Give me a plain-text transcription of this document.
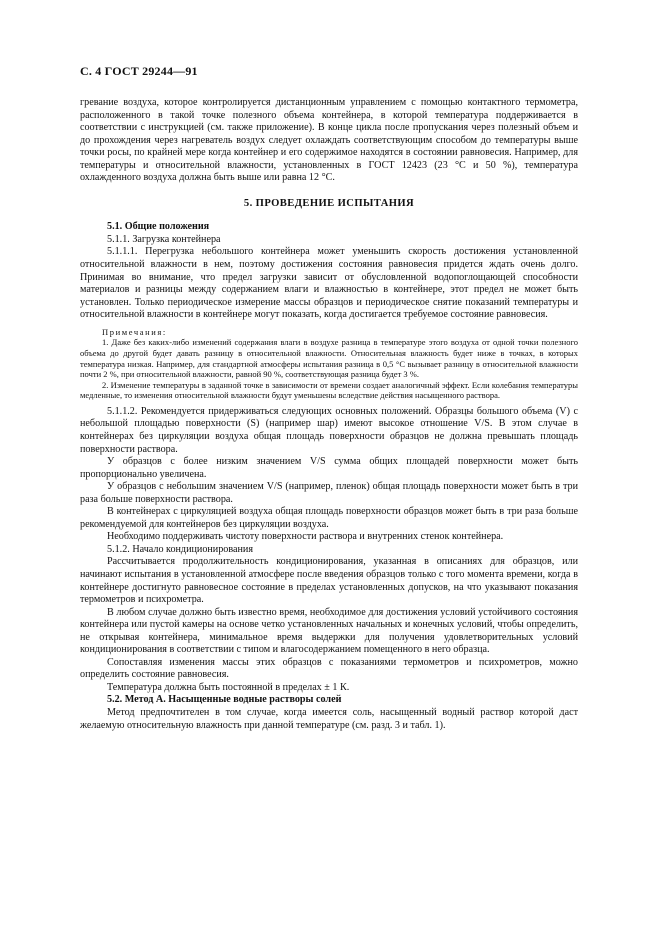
С. 4 ГОСТ 29244—91

гревание воздуха, которое контролируется дистанционным управлением с помощью контактного термометра, расположенного в такой точке полезного объема контейнера, в которой температура поддерживается в соответствии с инструкцией (см. также приложение). В конце цикла после пропускания через полезный объем и до прохождения через нагреватель воздух следует охлаждать соответствующим способом до температуры выше точки росы, по крайней мере когда контейнер и его содержимое находятся в состоянии равновесия. Например, для температуры и относительной влажности, установленных в ГОСТ 12423 (23 °С и 50 %), температура охлажденного воздуха должна быть выше или равна 12 °С.

5. ПРОВЕДЕНИЕ ИСПЫТАНИЯ

5.1. Общие положения

5.1.1. Загрузка контейнера

5.1.1.1. Перегрузка небольшого контейнера может уменьшить скорость достижения установленной относительной влажности в нем, поэтому достижения состояния равновесия придется ждать очень долго. Принимая во внимание, что предел загрузки зависит от обусловленной водопоглощающей способности материалов и разницы между содержанием влаги и влажностью в контейнере, этот предел не может быть установлен. Только периодическое измерение массы образцов и периодическое снятие показаний температуры и относительной влажности в контейнере могут показать, когда достигается требуемое состояние равновесия.

Примечания:

1. Даже без каких-либо изменений содержания влаги в воздухе разница в температуре этого воздуха от одной точки полезного объема до другой будет давать разницу в относительной влажности. Относительная влажность будет ниже в точках, в которых температура низкая. Например, для стандартной атмосферы испытания разница в 0,5 °С вызывает разницу в относительной влажности почти 2 %, при относительной влажности, равной 90 %, соответствующая разница будет 3 %.

2. Изменение температуры в заданной точке в зависимости от времени создает аналогичный эффект. Если колебания температуры медленные, то изменения относительной влажности будут уменьшены вследствие действия насыщенного раствора.

5.1.1.2. Рекомендуется придерживаться следующих основных положений. Образцы большого объема (V) с небольшой площадью поверхности (S) (например шар) имеют высокое отношение V/S. В этом случае в контейнерах без циркуляции воздуха общая площадь поверхности образцов не должна превышать площадь поверхности раствора.

У образцов с более низким значением V/S сумма общих площадей поверхности может быть пропорционально увеличена.

У образцов с небольшим значением V/S (например, пленок) общая площадь поверхности может быть в три раза больше поверхности раствора.

В контейнерах с циркуляцией воздуха общая площадь поверхности образцов может быть в три раза больше рекомендуемой для контейнеров без циркуляции воздуха.

Необходимо поддерживать чистоту поверхности раствора и внутренних стенок контейнера.

5.1.2. Начало кондиционирования

Рассчитывается продолжительность кондиционирования, указанная в описаниях для образцов, или начинают испытания в установленной атмосфере после введения образцов только с того момента времени, когда в контейнере достигнуто равновесное состояние в пределах установленных допусков, на что указывают показания термометров и психрометра.

В любом случае должно быть известно время, необходимое для достижения условий устойчивого состояния контейнера или пустой камеры на основе четко установленных начальных и конечных условий, чтобы определить, не открывая контейнера, минимальное время выдержки для получения удовлетворительных условий кондиционирования в соответствии с типом и влагосодержанием помещенного в него образца.

Сопоставляя изменения массы этих образцов с показаниями термометров и психрометров, можно определить состояние равновесия.

Температура должна быть постоянной в пределах ± 1 К.

5.2. Метод А. Насыщенные водные растворы солей

Метод предпочтителен в том случае, когда имеется соль, насыщенный водный раствор которой даст желаемую относительную влажность при данной температуре (см. разд. 3 и табл. 1).
